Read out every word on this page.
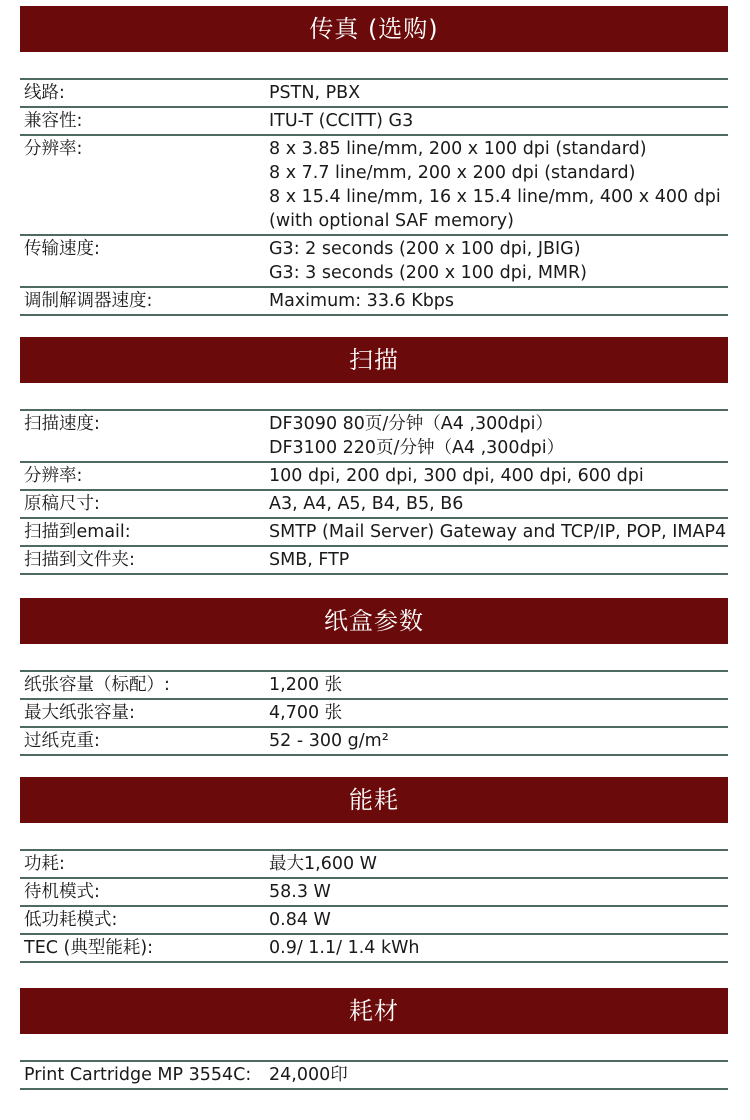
传真 (选购)
线路:	PSTN, PBX
兼容性:	ITU-T (CCITT) G3
分辨率:	8 x 3.85 line/mm, 200 x 100 dpi (standard)
8 x 7.7 line/mm, 200 x 200 dpi (standard)
8 x 15.4 line/mm, 16 x 15.4 line/mm, 400 x 400 dpi
(with optional SAF memory)
传输速度:	G3: 2 seconds (200 x 100 dpi, JBIG)
G3: 3 seconds (200 x 100 dpi, MMR)
调制解调器速度:	Maximum: 33.6 Kbps
扫描
扫描速度:	DF3090 80页/分钟（A4 ,300dpi）
DF3100 220页/分钟（A4 ,300dpi）
分辨率:	100 dpi, 200 dpi, 300 dpi, 400 dpi, 600 dpi
原稿尺寸:	A3, A4, A5, B4, B5, B6
扫描到email:	SMTP (Mail Server) Gateway and TCP/IP, POP, IMAP4
扫描到文件夹:	SMB, FTP
纸盒参数
纸张容量（标配）:	1,200 张
最大纸张容量:	4,700 张
过纸克重:	52 - 300 g/m²
能耗
功耗:	最大1,600 W
待机模式:	58.3 W
低功耗模式:	0.84 W
TEC (典型能耗):	0.9/ 1.1/ 1.4 kWh
耗材
Print Cartridge MP 3554C:	24,000印
